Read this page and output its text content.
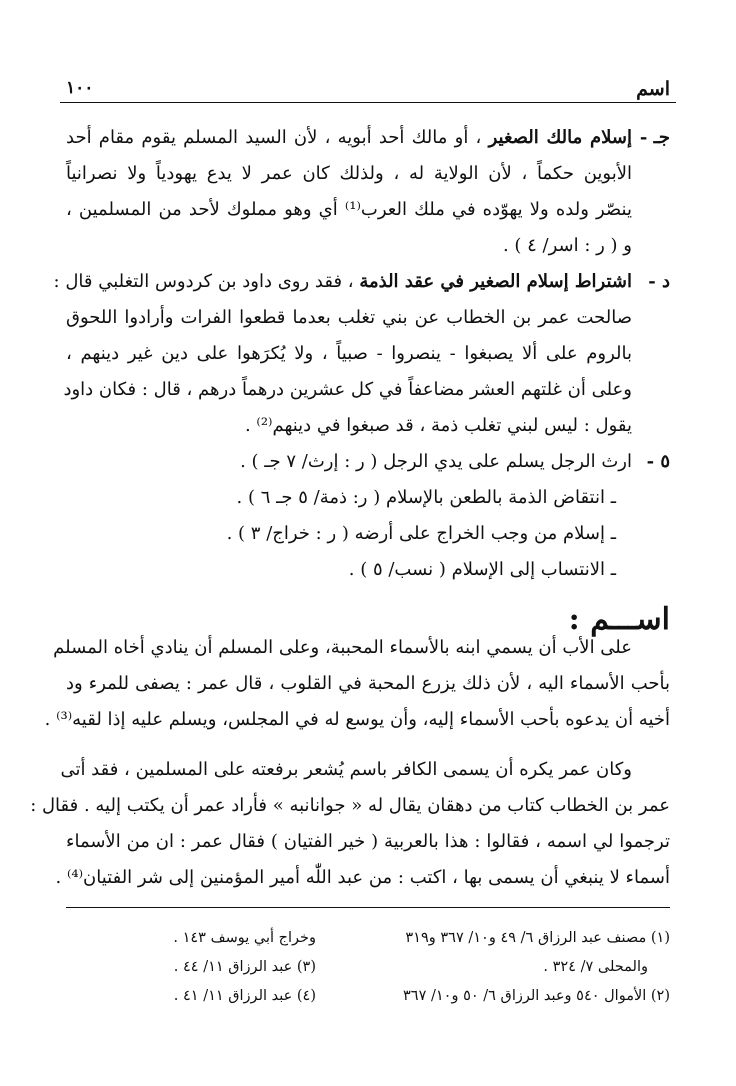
اسم
١٠٠
جـ -
إسلام مالك الصغير ، أو مالك أحد أبويه ، لأن السيد المسلم يقوم مقام أحد
الأبوين حكماً ، لأن الولاية له ، ولذلك كان عمر لا يدع يهودياً ولا نصرانياً
ينصّر ولده ولا يهوّده في ملك العرب⁽¹⁾ أي وهو مملوك لأحد من المسلمين ،
و ( ر : اسر/ ٤ ) .
د -
اشتراط إسلام الصغير في عقد الذمة ، فقد روى داود بن كردوس التغلبي قال :
صالحت عمر بن الخطاب عن بني تغلب بعدما قطعوا الفرات وأرادوا اللحوق
بالروم على ألا يصبغوا - ينصروا - صبياً ، ولا يُكرَهوا على دين غير دينهم ،
وعلى أن غلتهم العشر مضاعفاً في كل عشرين درهماً درهم ، قال : فكان داود
يقول : ليس لبني تغلب ذمة ، قد صبغوا في دينهم⁽²⁾ .
٥ -
ارث الرجل يسلم على يدي الرجل ( ر : إرث/ ٧ جـ ) .
ـ انتقاض الذمة بالطعن بالإسلام ( ر: ذمة/ ٥ جـ ٦ ) .
ـ إسلام من وجب الخراج على أرضه ( ر : خراج/ ٣ ) .
ـ الانتساب إلى الإسلام ( نسب/ ٥ ) .
اســـم :
على الأب أن يسمي ابنه بالأسماء المحببة، وعلى المسلم أن ينادي أخاه المسلم
بأحب الأسماء اليه ، لأن ذلك يزرع المحبة في القلوب ، قال عمر : يصفى للمرء ود
أخيه أن يدعوه بأحب الأسماء إليه، وأن يوسع له في المجلس، ويسلم عليه إذا لقيه⁽³⁾ .
وكان عمر يكره أن يسمى الكافر باسم يُشعر برفعته على المسلمين ، فقد أتى
عمر بن الخطاب كتاب من دهقان يقال له « جوانانبه » فأراد عمر أن يكتب إليه . فقال :
ترجموا لي اسمه ، فقالوا : هذا بالعربية ( خير الفتيان ) فقال عمر : ان من الأسماء
أسماء لا ينبغي أن يسمى بها ، اكتب : من عبد اللّٰه أمير المؤمنين إلى شر الفتيان⁽⁴⁾ .
(١) مصنف عبد الرزاق ٦/ ٤٩ و١٠/ ٣٦٧ و٣١٩
والمحلى ٧/ ٣٢٤ .
(٢) الأموال ٥٤٠ وعبد الرزاق ٦/ ٥٠ و١٠/ ٣٦٧
وخراج أبي يوسف ١٤٣ .
(٣) عبد الرزاق ١١/ ٤٤ .
(٤) عبد الرزاق ١١/ ٤١ .
